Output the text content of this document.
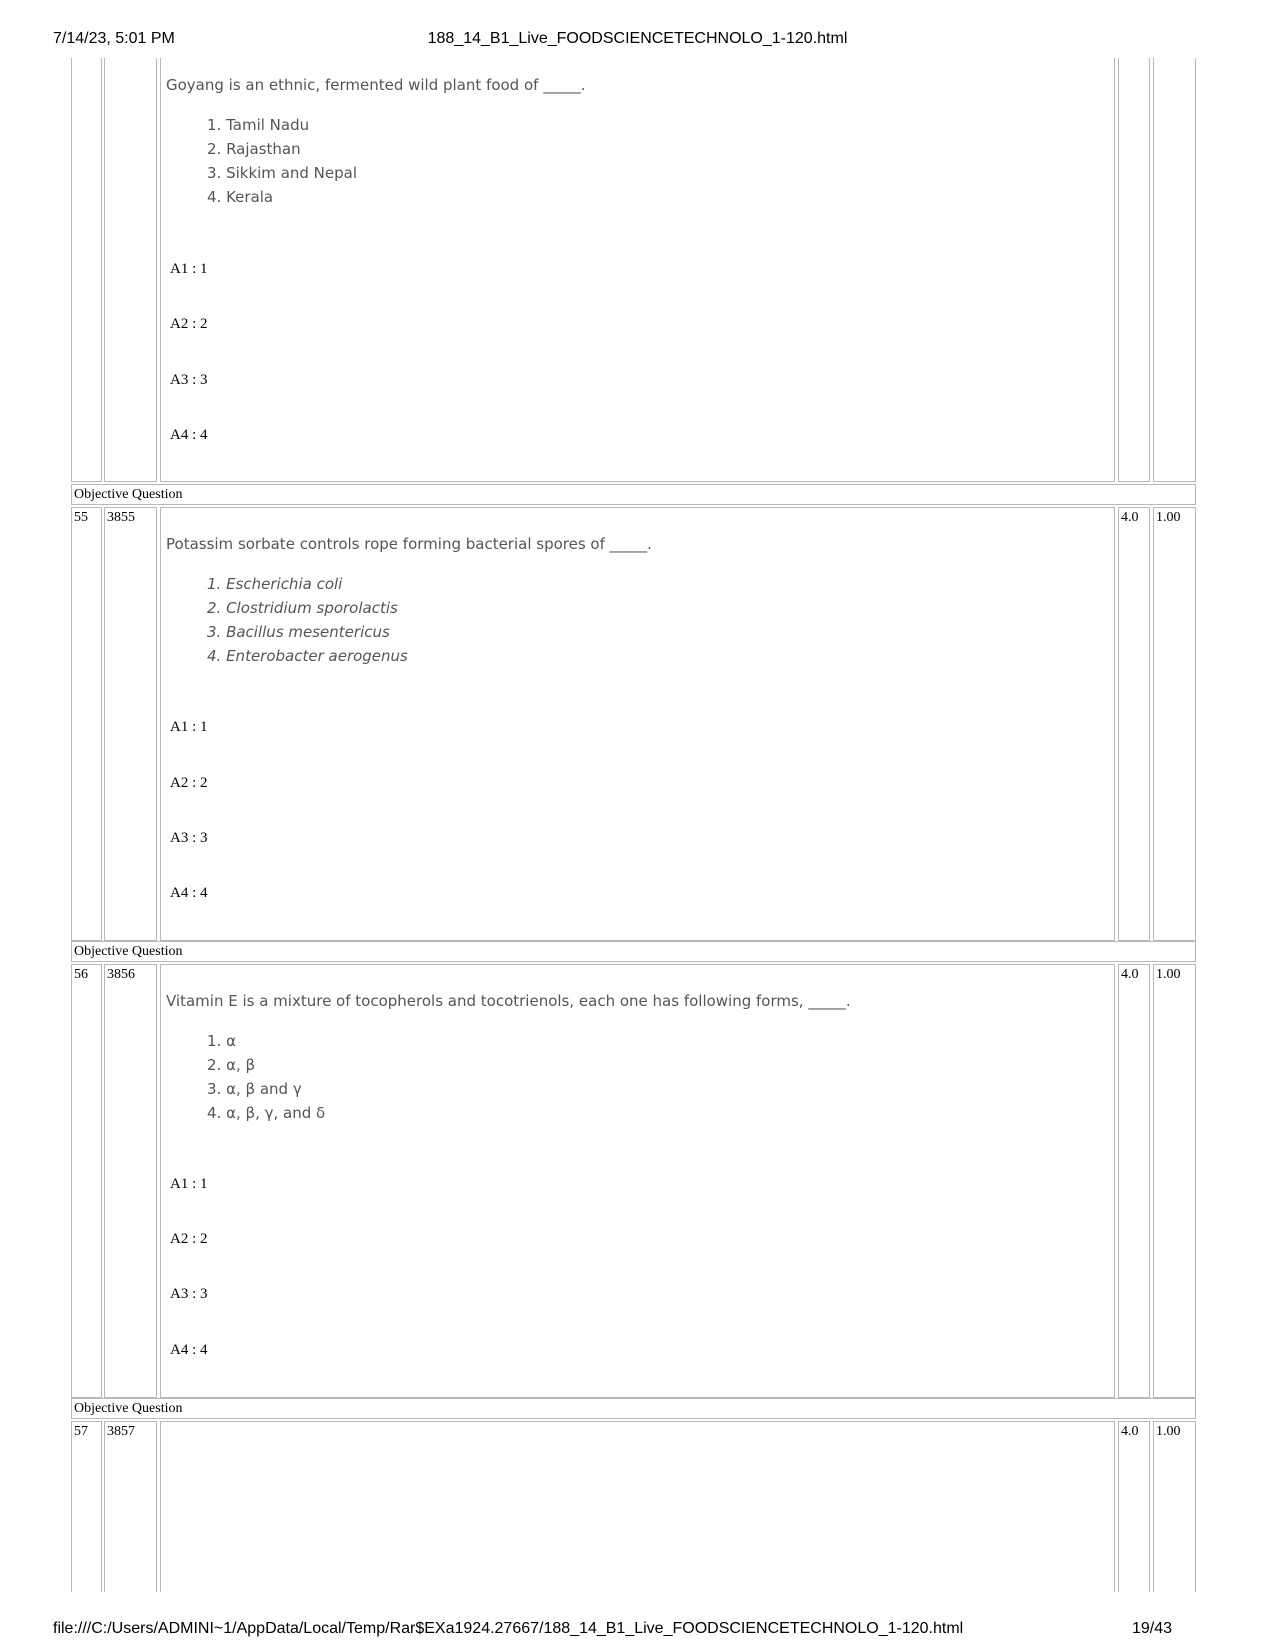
7/14/23, 5:01 PM	188_14_B1_Live_FOODSCIENCETECHNOLO_1-120.html
Goyang is an ethnic, fermented wild plant food of _____.
1. Tamil Nadu
2. Rajasthan
3. Sikkim and Nepal
4. Kerala
A1 : 1
A2 : 2
A3 : 3
A4 : 4
Objective Question
55 3855
Potassim sorbate controls rope forming bacterial spores of _____.
1. Escherichia coli
2. Clostridium sporolactis
3. Bacillus mesentericus
4. Enterobacter aerogenus
A1 : 1
A2 : 2
A3 : 3
A4 : 4
4.0 1.00
Objective Question
56 3856
Vitamin E is a mixture of tocopherols and tocotrienols, each one has following forms, _____.
1. α
2. α, β
3. α, β and γ
4. α, β, γ, and δ
A1 : 1
A2 : 2
A3 : 3
A4 : 4
4.0 1.00
Objective Question
57 3857	4.0 1.00
file:///C:/Users/ADMINI~1/AppData/Local/Temp/Rar$EXa1924.27667/188_14_B1_Live_FOODSCIENCETECHNOLO_1-120.html	19/43
